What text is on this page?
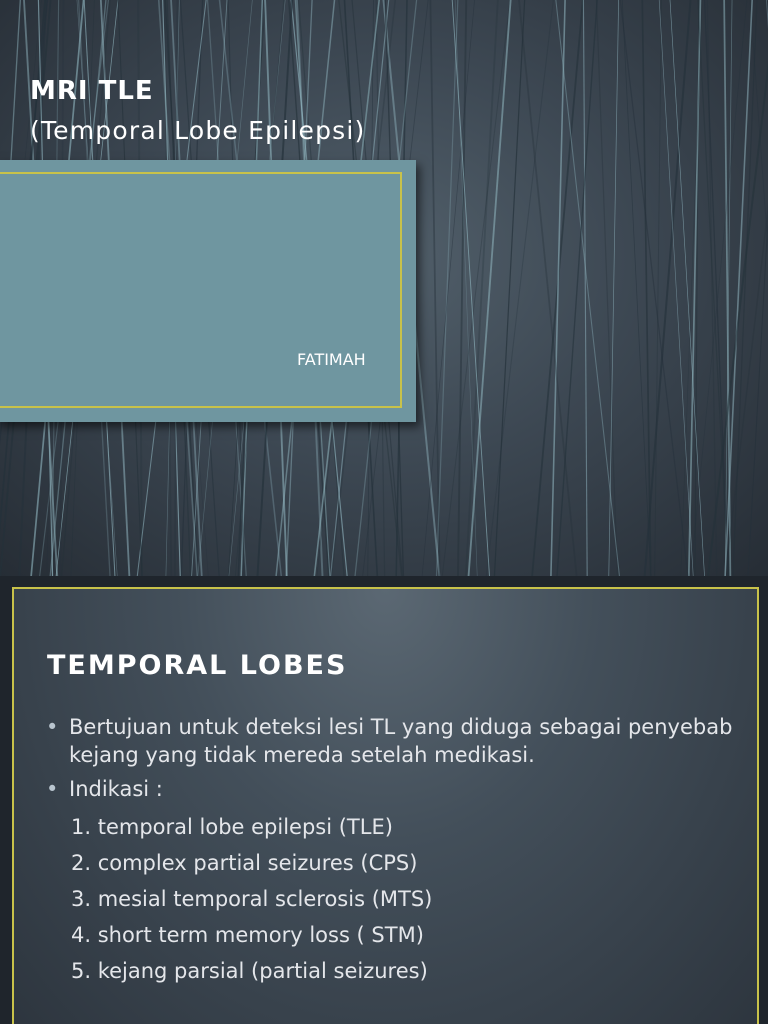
MRI TLE
(Temporal Lobe Epilepsi)
FATIMAH
TEMPORAL LOBES

• Bertujuan untuk deteksi lesi TL yang diduga sebagai penyebab kejang yang tidak mereda setelah medikasi.

• Indikasi :

1. temporal lobe epilepsi (TLE)
2. complex partial seizures (CPS)
3. mesial temporal sclerosis (MTS)
4. short term memory loss ( STM)
5. kejang parsial (partial seizures)
